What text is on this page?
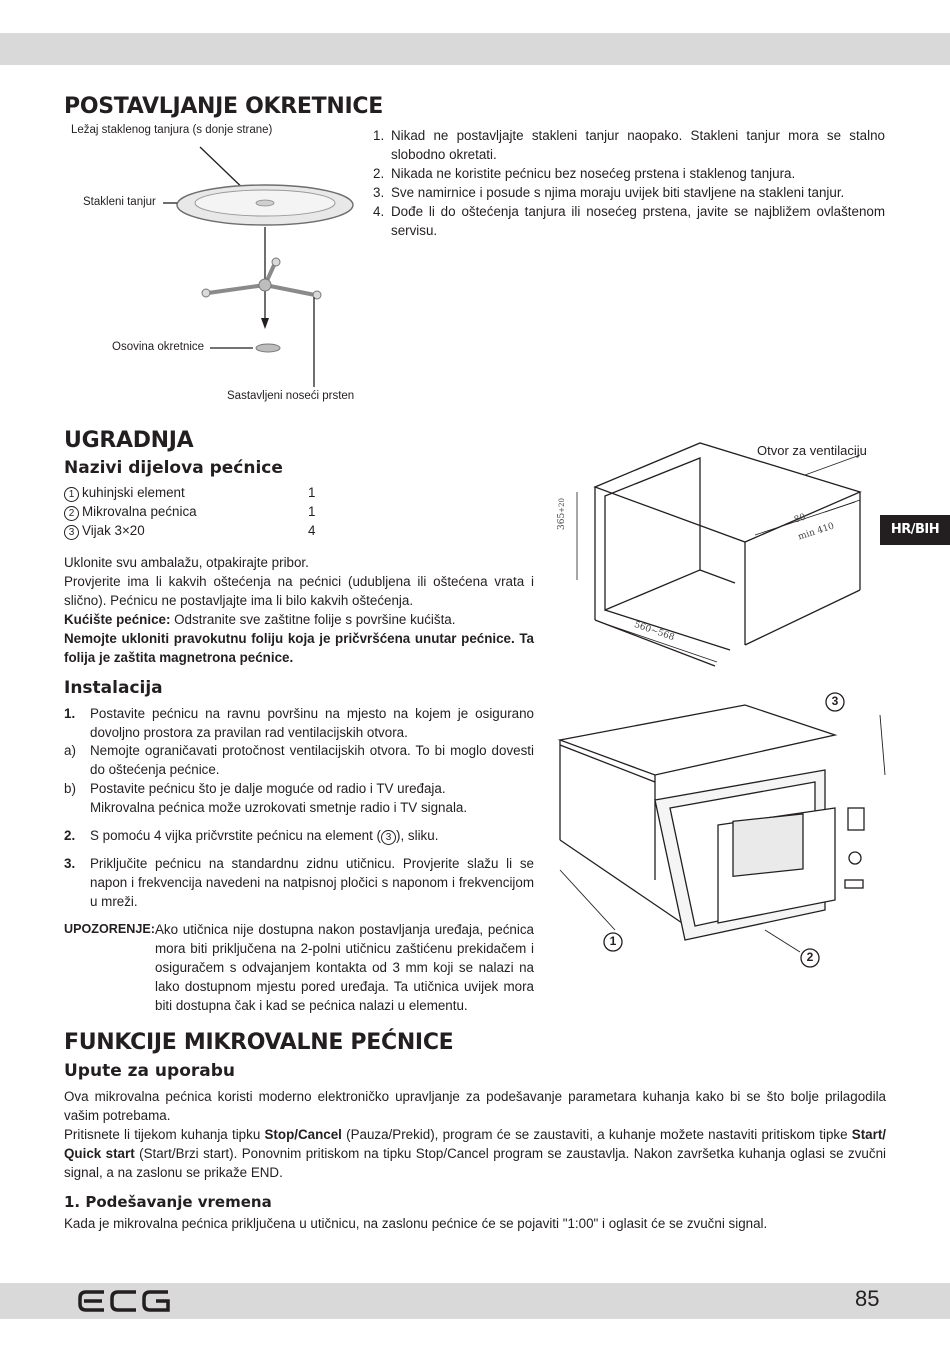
POSTAVLJANJE OKRETNICE
Ležaj staklenog tanjura (s donje strane)
Stakleni tanjur
Osovina okretnice
Sastavljeni noseći prsten
1. Nikad ne postavljajte stakleni tanjur naopako. Stakleni tanjur mora se stalno slobodno okretati.
2. Nikada ne koristite pećnicu bez nosećeg prstena i staklenog tanjura.
3. Sve namirnice i posude s njima moraju uvijek biti stavljene na stakleni tanjur.
4. Dođe li do oštećenja tanjura ili nosećeg prstena, javite se najbližem ovlaštenom servisu.
UGRADNJA
Nazivi dijelova pećnice
1 kuhinjski element	1
2 Mikrovalna pećnica	1
3 Vijak 3×20	4
Uklonite svu ambalažu, otpakirajte pribor.
Provjerite ima li kakvih oštećenja na pećnici (udubljena ili oštećena vrata i slično). Pećnicu ne postavljajte ima li bilo kakvih oštećenja.
Kućište pećnice: Odstranite sve zaštitne folije s površine kućišta.
Nemojte ukloniti pravokutnu foliju koja je pričvršćena unutar pećnice. Ta folija je zaštita magnetrona pećnice.
Instalacija
1. Postavite pećnicu na ravnu površinu na mjesto na kojem je osigurano dovoljno prostora za pravilan rad ventilacijskih otvora.
a) Nemojte ograničavati protočnost ventilacijskih otvora. To bi moglo dovesti do oštećenja pećnice.
b) Postavite pećnicu što je dalje moguće od radio i TV uređaja.
Mikrovalna pećnica može uzrokovati smetnje radio i TV signala.
2. S pomoću 4 vijka pričvrstite pećnicu na element ( 3 ), sliku.
3. Priključite pećnicu na standardnu zidnu utičnicu. Provjerite slažu li se napon i frekvencija navedeni na natpisnoj pločici s naponom i frekvencijom u mreži.
UPOZORENJE: Ako utičnica nije dostupna nakon postavljanja uređaja, pećnica mora biti priključena na 2-polni utičnicu zaštićenu prekidačem i osiguračem s odvajanjem kontakta od 3 mm koji se nalazi na lako dostupnom mjestu pored uređaja. Ta utičnica uvijek mora biti dostupna čak i kad se pećnica nalazi u elementu.
Otvor za ventilaciju
365+20
560~568
80
min 410
3
1
2
HR/BIH
FUNKCIJE MIKROVALNE PEĆNICE
Upute za uporabu
Ova mikrovalna pećnica koristi moderno elektroničko upravljanje za podešavanje parametara kuhanja kako bi se što bolje prilagodila vašim potrebama.
Pritisnete li tijekom kuhanja tipku Stop/Cancel (Pauza/Prekid), program će se zaustaviti, a kuhanje možete nastaviti pritiskom tipke Start/ Quick start (Start/Brzi start). Ponovnim pritiskom na tipku Stop/Cancel program se zaustavlja. Nakon završetka kuhanja oglasi se zvučni signal, a na zaslonu se prikaže END.
1. Podešavanje vremena
Kada je mikrovalna pećnica priključena u utičnicu, na zaslonu pećnice će se pojaviti "1:00" i oglasit će se zvučni signal.
85
